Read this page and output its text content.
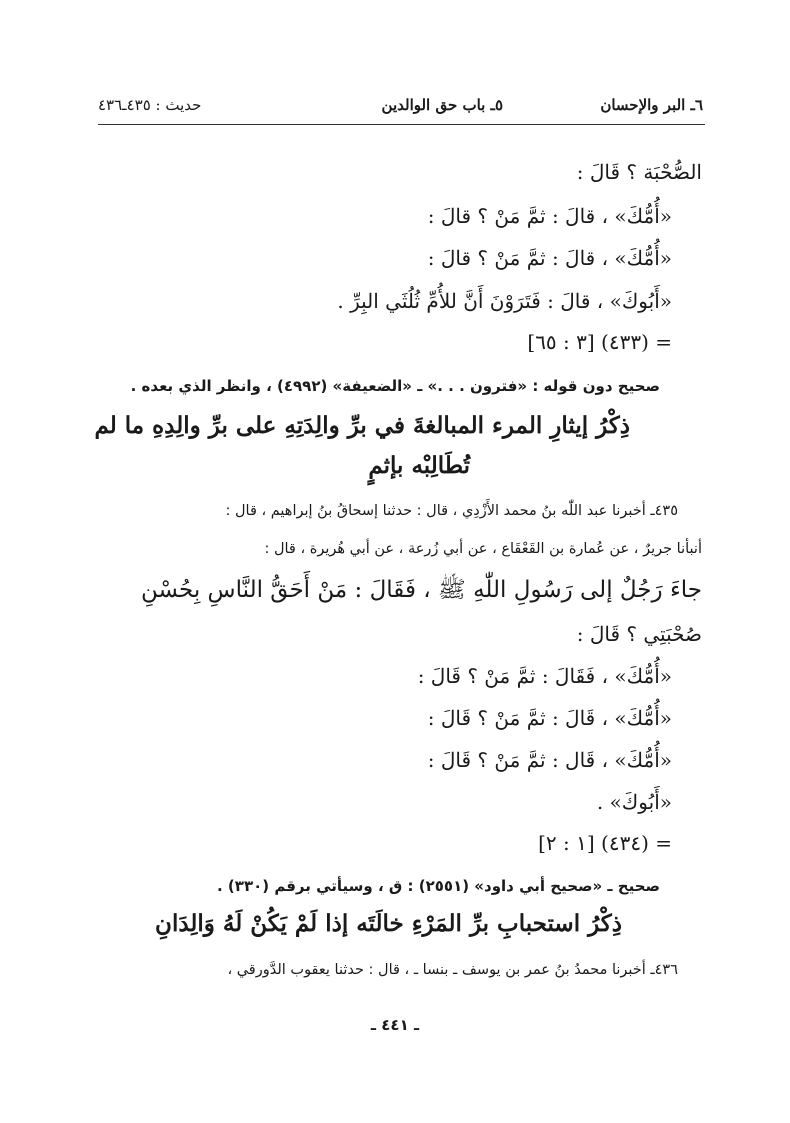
٦ـ البر والإحسان
٥ـ باب حق الوالدين
حديث : ٤٣٥ـ٤٣٦
الصُّحْبَة ؟ قَالَ :
«أُمُّكَ» ، قالَ : ثمَّ مَنْ ؟ قالَ :
«أُمُّكَ» ، قالَ : ثمَّ مَنْ ؟ قالَ :
«أَبُوكَ» ، قالَ : فَتَرَوْنَ أَنَّ للأُمِّ ثُلُثَي البِرِّ .
= (٤٣٣) [٣ : ٦٥]
صحيح دون قوله : «فترون . . .» ـ «الضعيفة» (٤٩٩٢) ، وانظر الذي بعده .
ذِكْرُ إيثارِ المرء المبالغةَ في برِّ والِدَتِهِ على برِّ والِدِهِ ما لم
تُطَالِبْه بإثمٍ
٤٣٥ـ أخبرنا عبد اللّٰه بنُ محمد الأَزْدِي ، قال : حدثنا إسحاقُ بنُ إبراهيم ، قال :
أنبأنا جريرٌ ، عن عُمارة بن القَعْقَاع ، عن أبي زُرعة ، عن أبي هُريرة ، قال :
جاءَ رَجُلٌ إلى رَسُولِ اللّٰهِ ﷺ ، فَقَالَ : مَنْ أَحَقُّ النَّاسِ بِحُسْنِ
صُحْبَتِي ؟ قَالَ :
«أُمُّكَ» ، فَقَالَ : ثمَّ مَنْ ؟ قَالَ :
«أُمُّكَ» ، قَالَ : ثمَّ مَنْ ؟ قَالَ :
«أُمُّكَ» ، قَال : ثمَّ مَنْ ؟ قَالَ :
«أَبُوكَ» .
= (٤٣٤) [١ : ٢]
صحيح ـ «صحيح أبي داود» (٢٥٥١) : ق ، وسيأتي برقم (٣٣٠) .
ذِكْرُ استحبابِ برِّ المَرْءِ خالَتَه إذا لَمْ يَكُنْ لَهُ وَالِدَانِ
٤٣٦ـ أخبرنا محمدُ بنُ عمر بن يوسف ـ بنسا ـ ، قال : حدثنا يعقوب الدَّورقي ،
ـ ٤٤١ ـ
